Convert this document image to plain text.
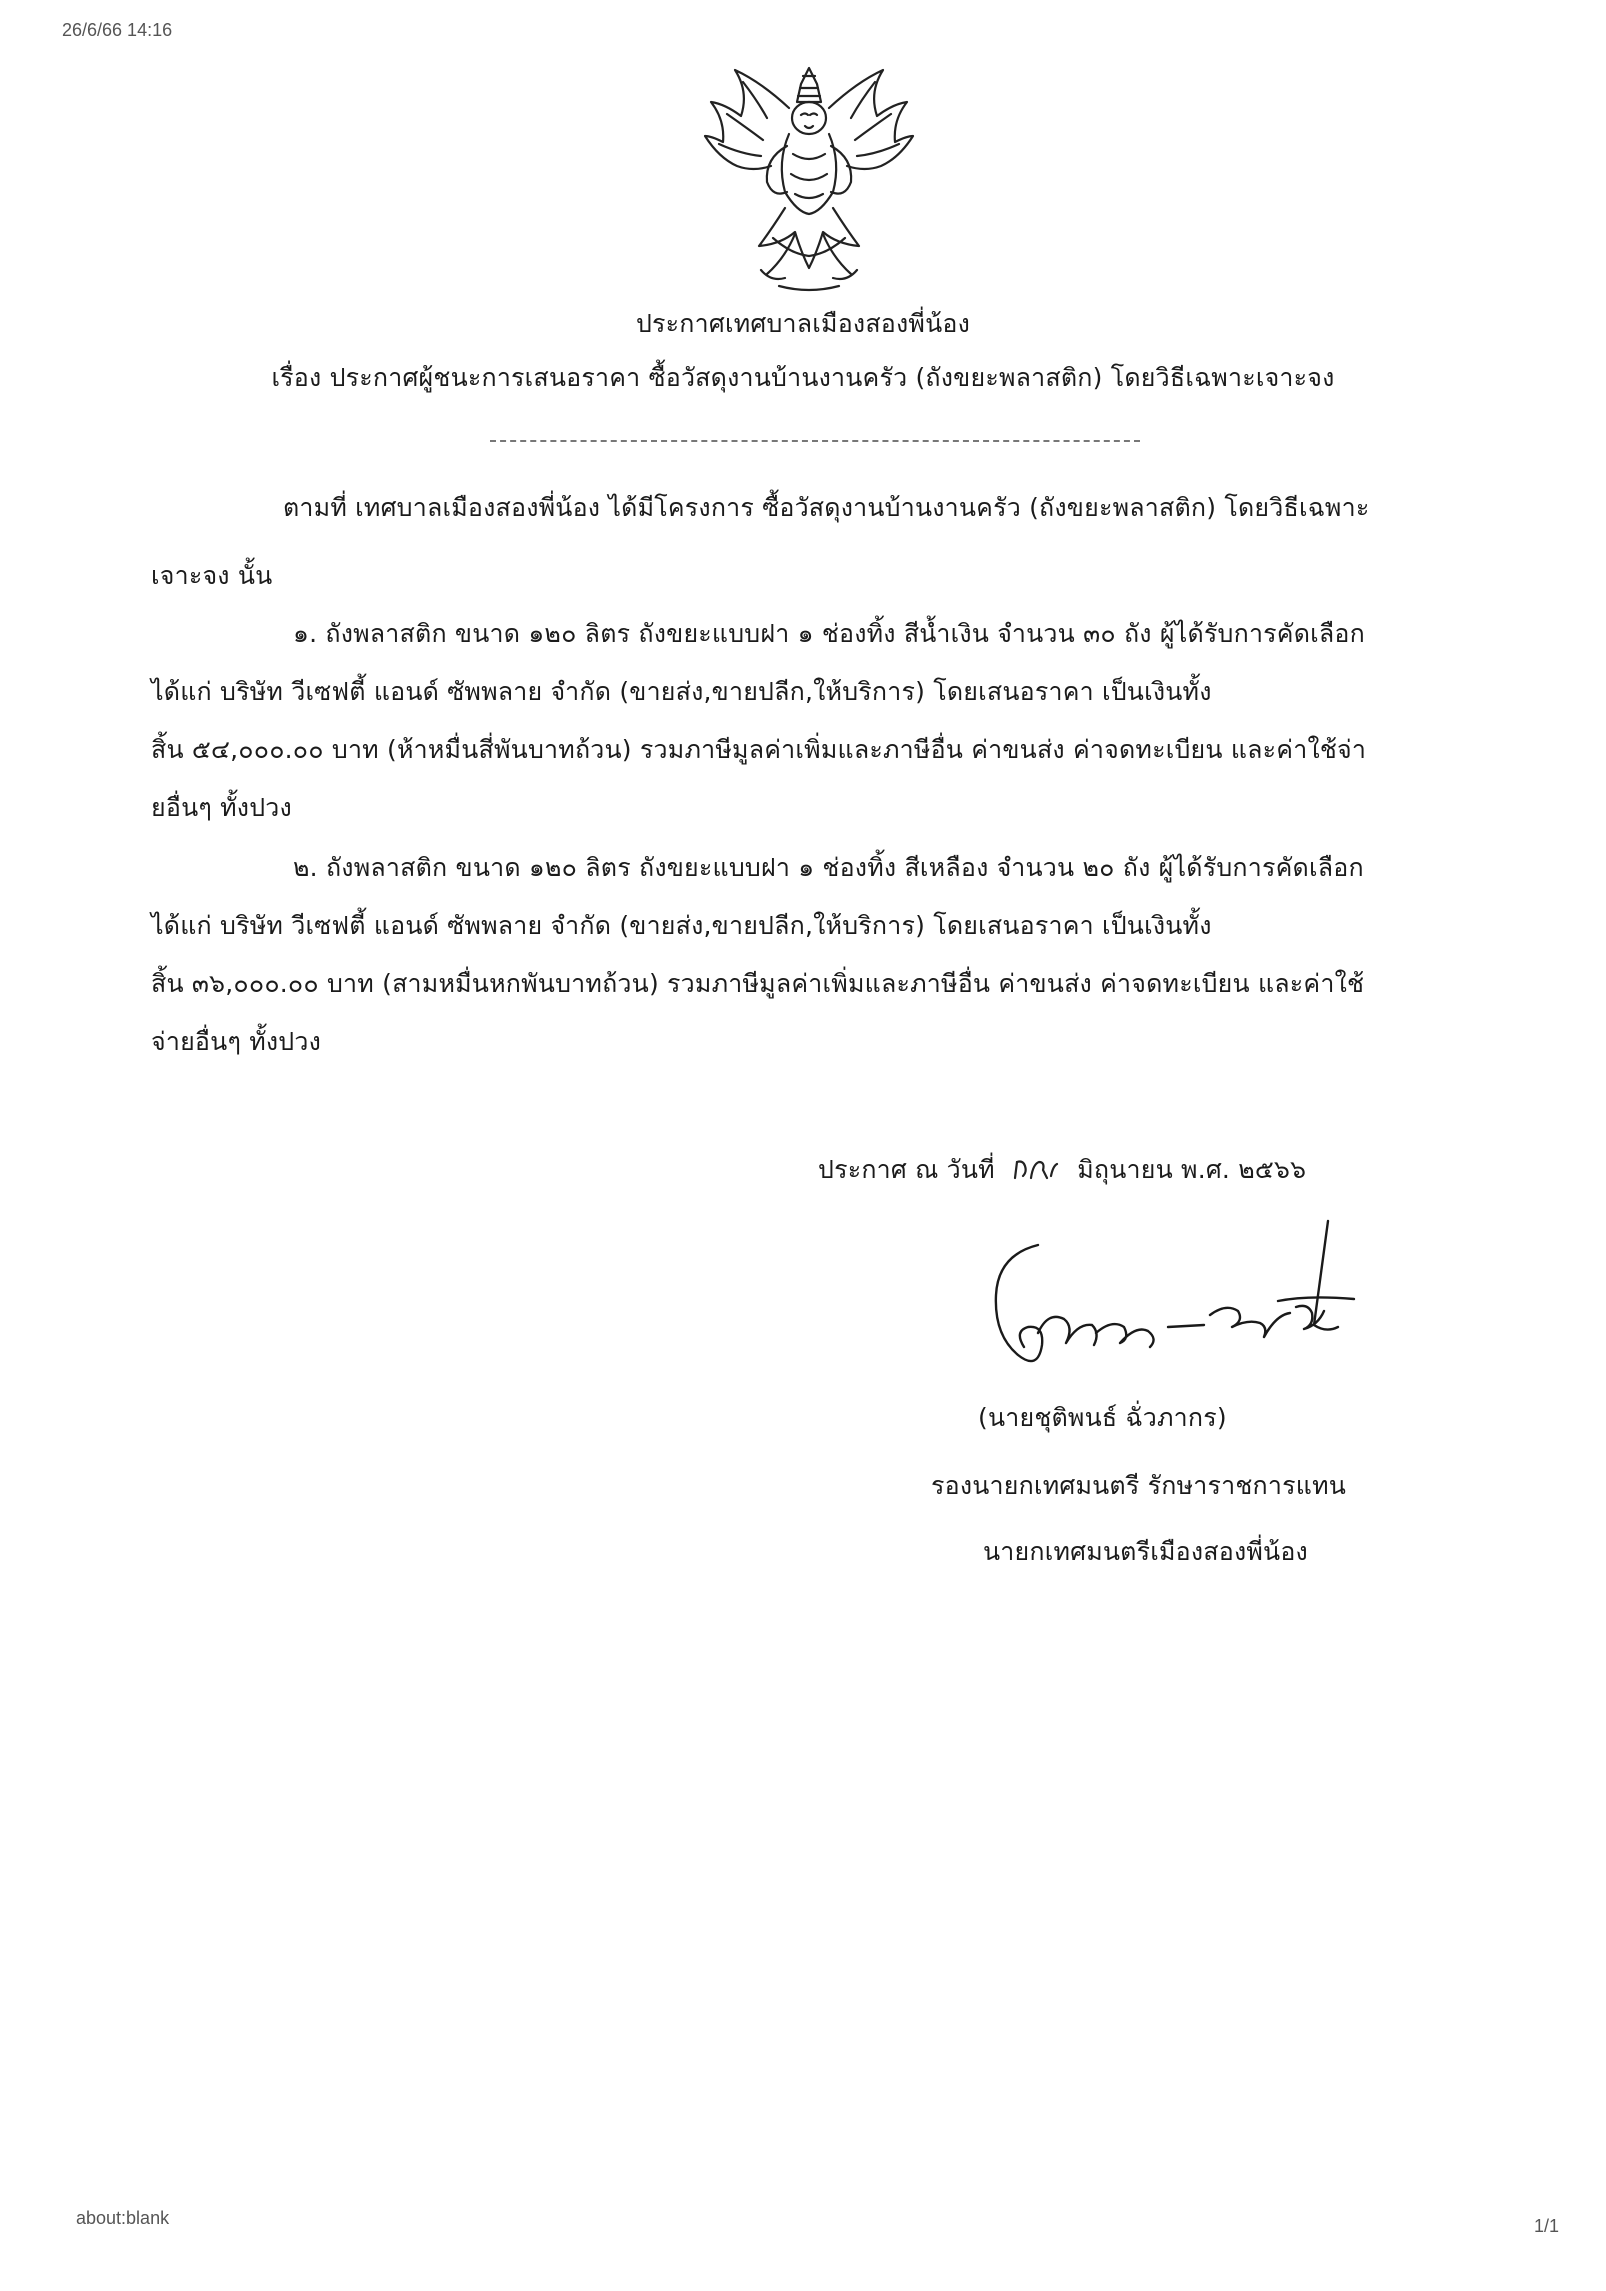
26/6/66 14:16
about:blank	1/1

ประกาศเทศบาลเมืองสองพี่น้อง

เรื่อง ประกาศผู้ชนะการเสนอราคา ซื้อวัสดุงานบ้านงานครัว (ถังขยะพลาสติก) โดยวิธีเฉพาะเจาะจง

ตามที่ เทศบาลเมืองสองพี่น้อง ได้มีโครงการ ซื้อวัสดุงานบ้านงานครัว (ถังขยะพลาสติก) โดยวิธีเฉพาะ

เจาะจง นั้น

๑. ถังพลาสติก ขนาด ๑๒๐ ลิตร ถังขยะแบบฝา ๑ ช่องทิ้ง สีน้ำเงิน จำนวน ๓๐ ถัง ผู้ได้รับการคัดเลือก

ได้แก่ บริษัท วีเซฟตี้ แอนด์ ซัพพลาย จำกัด (ขายส่ง,ขายปลีก,ให้บริการ) โดยเสนอราคา เป็นเงินทั้ง

สิ้น ๕๔,๐๐๐.๐๐ บาท (ห้าหมื่นสี่พันบาทถ้วน) รวมภาษีมูลค่าเพิ่มและภาษีอื่น ค่าขนส่ง ค่าจดทะเบียน และค่าใช้จ่า

ยอื่นๆ ทั้งปวง

๒. ถังพลาสติก ขนาด ๑๒๐ ลิตร ถังขยะแบบฝา ๑ ช่องทิ้ง สีเหลือง จำนวน ๒๐ ถัง ผู้ได้รับการคัดเลือก

ได้แก่ บริษัท วีเซฟตี้ แอนด์ ซัพพลาย จำกัด (ขายส่ง,ขายปลีก,ให้บริการ) โดยเสนอราคา เป็นเงินทั้ง

สิ้น ๓๖,๐๐๐.๐๐ บาท (สามหมื่นหกพันบาทถ้วน) รวมภาษีมูลค่าเพิ่มและภาษีอื่น ค่าขนส่ง ค่าจดทะเบียน และค่าใช้

จ่ายอื่นๆ ทั้งปวง

ประกาศ ณ วันที่	มิถุนายน พ.ศ. ๒๕๖๖

(นายชุติพนธ์ ฉั่วภากร)

รองนายกเทศมนตรี รักษาราชการแทน

นายกเทศมนตรีเมืองสองพี่น้อง
